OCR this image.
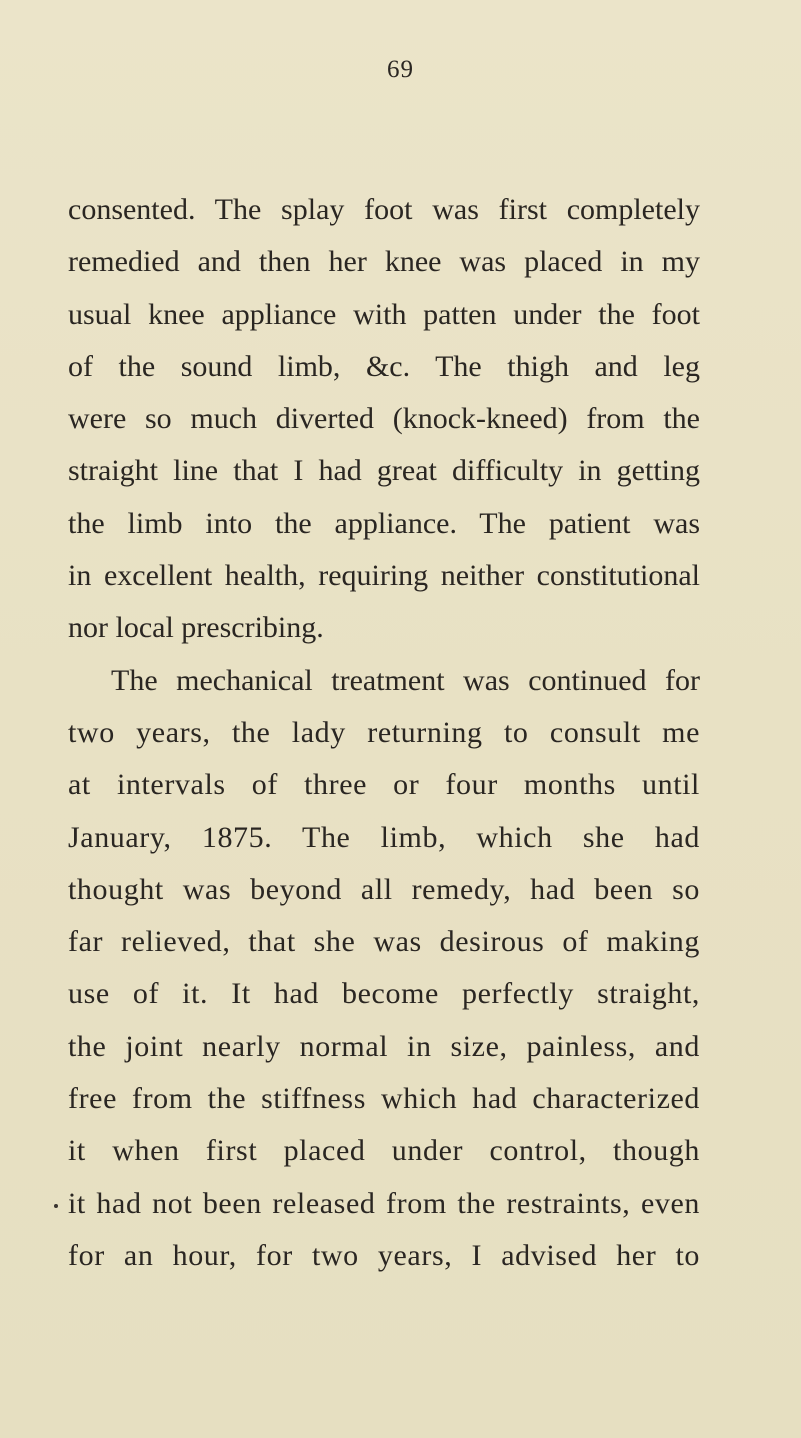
69
consented. The splay foot was first completely
remedied and then her knee was placed in my
usual knee appliance with patten under the foot
of the sound limb, &c. The thigh and leg
were so much diverted (knock-kneed) from the
straight line that I had great difficulty in getting
the limb into the appliance. The patient was
in excellent health, requiring neither constitutional
nor local prescribing.
The mechanical treatment was continued for
two years, the lady returning to consult me
at intervals of three or four months until
January, 1875. The limb, which she had
thought was beyond all remedy, had been so
far relieved, that she was desirous of making
use of it. It had become perfectly straight,
the joint nearly normal in size, painless, and
free from the stiffness which had characterized
it when first placed under control, though
it had not been released from the restraints, even
for an hour, for two years, I advised her to
